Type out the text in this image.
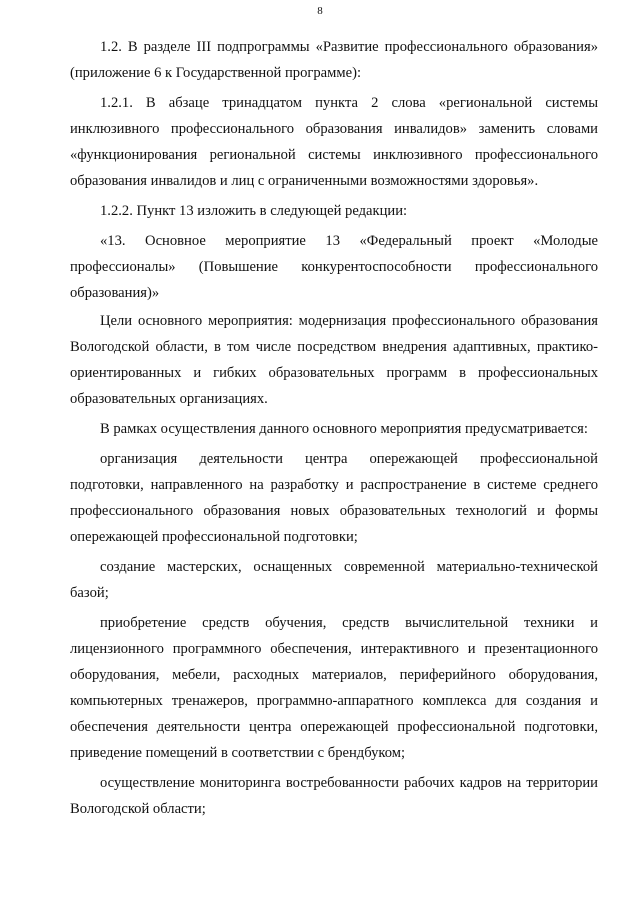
8

1.2. В разделе III подпрограммы «Развитие профессионального образования» (приложение 6 к Государственной программе):

1.2.1. В абзаце тринадцатом пункта 2 слова «региональной системы инклюзивного профессионального образования инвалидов» заменить словами «функционирования региональной системы инклюзивного профессионального образования инвалидов и лиц с ограниченными возможностями здоровья».

1.2.2. Пункт 13 изложить в следующей редакции:

«13. Основное мероприятие 13 «Федеральный проект «Молодые профессионалы» (Повышение конкурентоспособности профессионального образования)»

Цели основного мероприятия: модернизация профессионального образования Вологодской области, в том числе посредством внедрения адаптивных, практико-ориентированных и гибких образовательных программ в профессиональных образовательных организациях.

В рамках осуществления данного основного мероприятия предусматривается:

организация деятельности центра опережающей профессиональной подготовки, направленного на разработку и распространение в системе среднего профессионального образования новых образовательных технологий и формы опережающей профессиональной подготовки;

создание мастерских, оснащенных современной материально-технической базой;

приобретение средств обучения, средств вычислительной техники и лицензионного программного обеспечения, интерактивного и презентационного оборудования, мебели, расходных материалов, периферийного оборудования, компьютерных тренажеров, программно-аппаратного комплекса для создания и обеспечения деятельности центра опережающей профессиональной подготовки, приведение помещений в соответствии с брендбуком;

осуществление мониторинга востребованности рабочих кадров на территории Вологодской области;
